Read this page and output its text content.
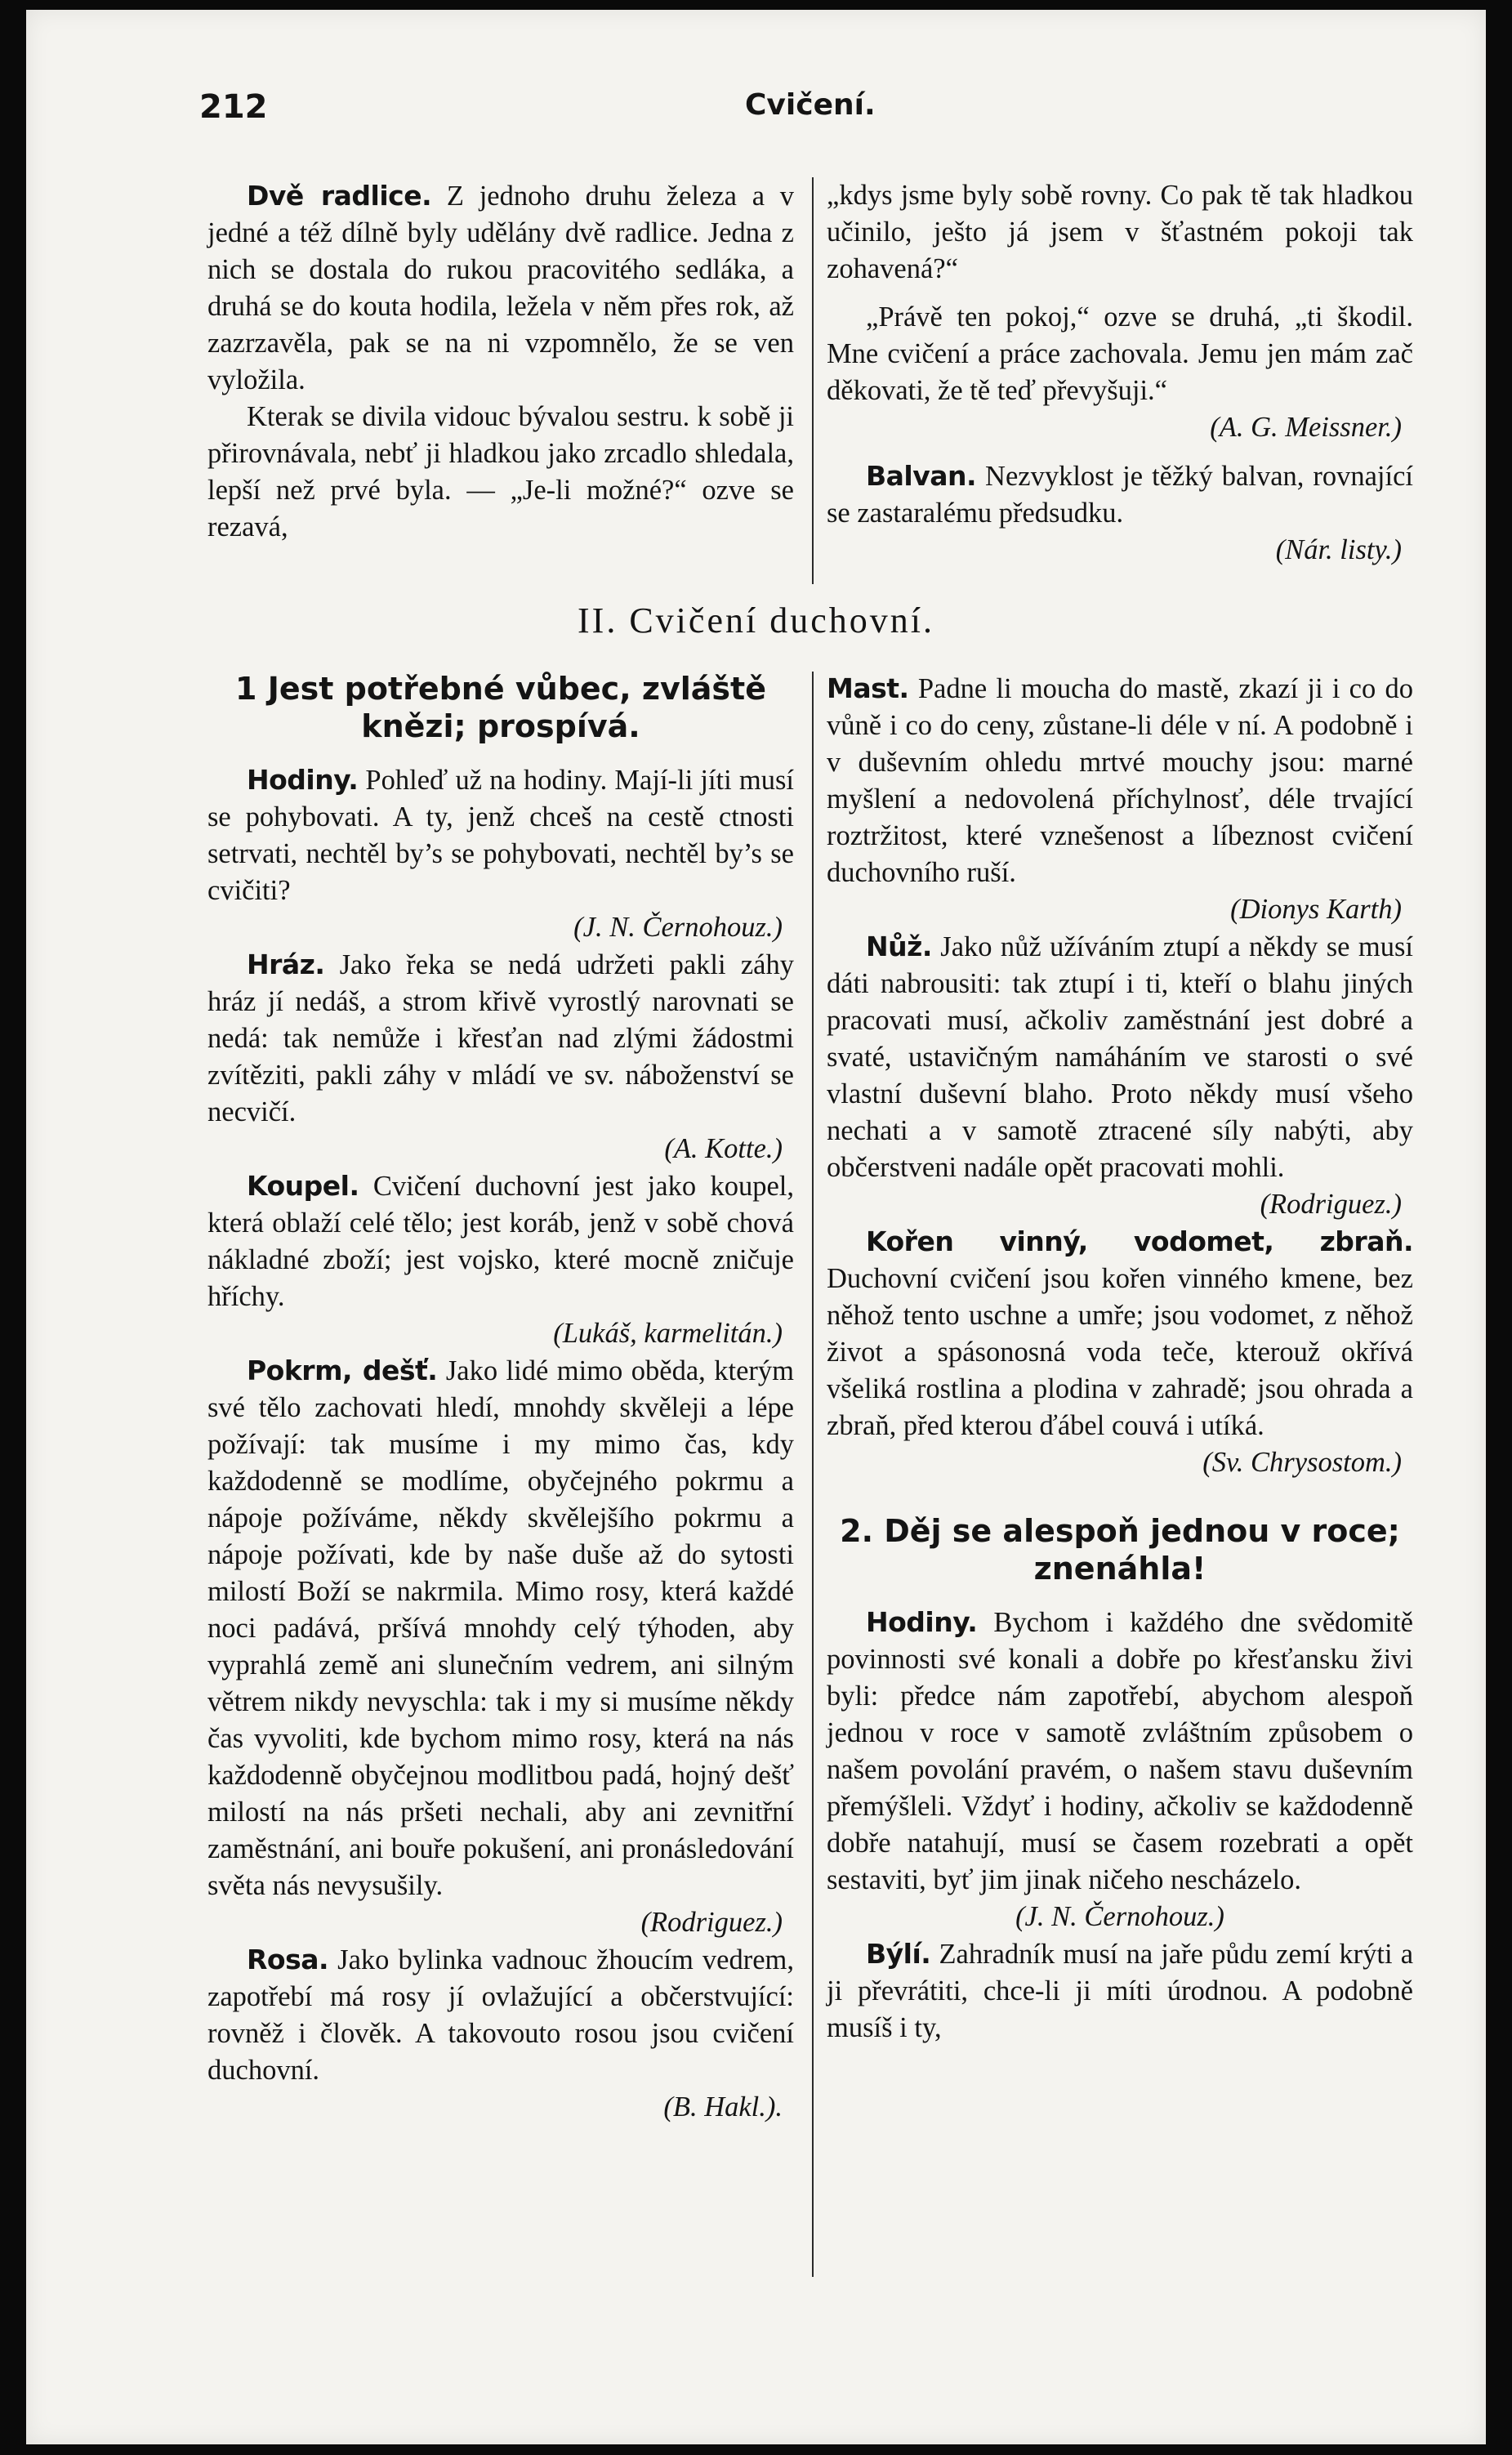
212	Cvičení.

Dvě radlice. Z jednoho druhu železa a v jedné a též dílně byly udělány dvě radlice. Jedna z nich se dostala do rukou pracovitého sedláka, a druhá se do kouta hodila, ležela v něm přes rok, až zazrzavěla, pak se na ni vzpomnělo, že se ven vyložila.

Kterak se divila vidouc bývalou sestru. k sobě ji přirovnávala, nebť ji hladkou jako zrcadlo shledala, lepší než prvé byla. — „Je-li možné?“ ozve se rezavá,

„kdys jsme byly sobě rovny. Co pak tě tak hladkou učinilo, ješto já jsem v šťastném pokoji tak zohavená?“

„Právě ten pokoj,“ ozve se druhá, „ti škodil. Mne cvičení a práce zachovala. Jemu jen mám zač děkovati, že tě teď převyšuji.“

(A. G. Meissner.)

Balvan. Nezvyklost je těžký balvan, rovnající se zastaralému předsudku.

(Nár. listy.)

II. Cvičení duchovní.
1 Jest potřebné vůbec, zvláště knězi; prospívá.

Hodiny. Pohleď už na hodiny. Mají-li jíti musí se pohybovati. A ty, jenž chceš na cestě ctnosti setrvati, nechtěl by’s se pohybovati, nechtěl by’s se cvičiti?

(J. N. Černohouz.)

Hráz. Jako řeka se nedá udržeti pakli záhy hráz jí nedáš, a strom křivě vyrostlý narovnati se nedá: tak nemůže i křesťan nad zlými žádostmi zvítěziti, pakli záhy v mládí ve sv. náboženství se necvičí.

(A. Kotte.)

Koupel. Cvičení duchovní jest jako koupel, která oblaží celé tělo; jest koráb, jenž v sobě chová nákladné zboží; jest vojsko, které mocně zničuje hříchy.

(Lukáš, karmelitán.)

Pokrm, dešť. Jako lidé mimo oběda, kterým své tělo zachovati hledí, mnohdy skvěleji a lépe požívají: tak musíme i my mimo čas, kdy každodenně se modlíme, obyčejného pokrmu a nápoje požíváme, někdy skvělejšího pokrmu a nápoje požívati, kde by naše duše až do sytosti milostí Boží se nakrmila. Mimo rosy, která každé noci padává, pršívá mnohdy celý týhoden, aby vyprahlá země ani slunečním vedrem, ani silným větrem nikdy nevyschla: tak i my si musíme někdy čas vyvoliti, kde bychom mimo rosy, která na nás každodenně obyčejnou modlitbou padá, hojný dešť milostí na nás pršeti nechali, aby ani zevnitřní zaměstnání, ani bouře pokušení, ani pronásledování světa nás nevysušily.

(Rodriguez.)

Rosa. Jako bylinka vadnouc žhoucím vedrem, zapotřebí má rosy jí ovlažující a občerstvující: rovněž i člověk. A takovouto rosou jsou cvičení duchovní.

(B. Hakl.).

Mast. Padne li moucha do mastě, zkazí ji i co do vůně i co do ceny, zůstane-li déle v ní. A podobně i v duševním ohledu mrtvé mouchy jsou: marné myšlení a nedovolená příchylnosť, déle trvající roztržitost, které vznešenost a líbeznost cvičení duchovního ruší.

(Dionys Karth)

Nůž. Jako nůž užíváním ztupí a někdy se musí dáti nabrousiti: tak ztupí i ti, kteří o blahu jiných pracovati musí, ačkoliv zaměstnání jest dobré a svaté, ustavičným namáháním ve starosti o své vlastní duševní blaho. Proto někdy musí všeho nechati a v samotě ztracené síly nabýti, aby občerstveni nadále opět pracovati mohli.

(Rodriguez.)

Kořen vinný, vodomet, zbraň. Duchovní cvičení jsou kořen vinného kmene, bez něhož tento uschne a umře; jsou vodomet, z něhož život a spásonosná voda teče, kterouž okřívá všeliká rostlina a plodina v zahradě; jsou ohrada a zbraň, před kterou ďábel couvá i utíká.

(Sv. Chrysostom.)

2. Děj se alespoň jednou v roce; znenáhla!

Hodiny. Bychom i každého dne svědomitě povinnosti své konali a dobře po křesťansku živi byli: předce nám zapotřebí, abychom alespoň jednou v roce v samotě zvláštním způsobem o našem povolání pravém, o našem stavu duševním přemýšleli. Vždyť i hodiny, ačkoliv se každodenně dobře natahují, musí se časem rozebrati a opět sestaviti, byť jim jinak ničeho nescházelo.

(J. N. Černohouz.)

Býlí. Zahradník musí na jaře půdu zemí krýti a ji převrátiti, chce-li ji míti úrodnou. A podobně musíš i ty,
